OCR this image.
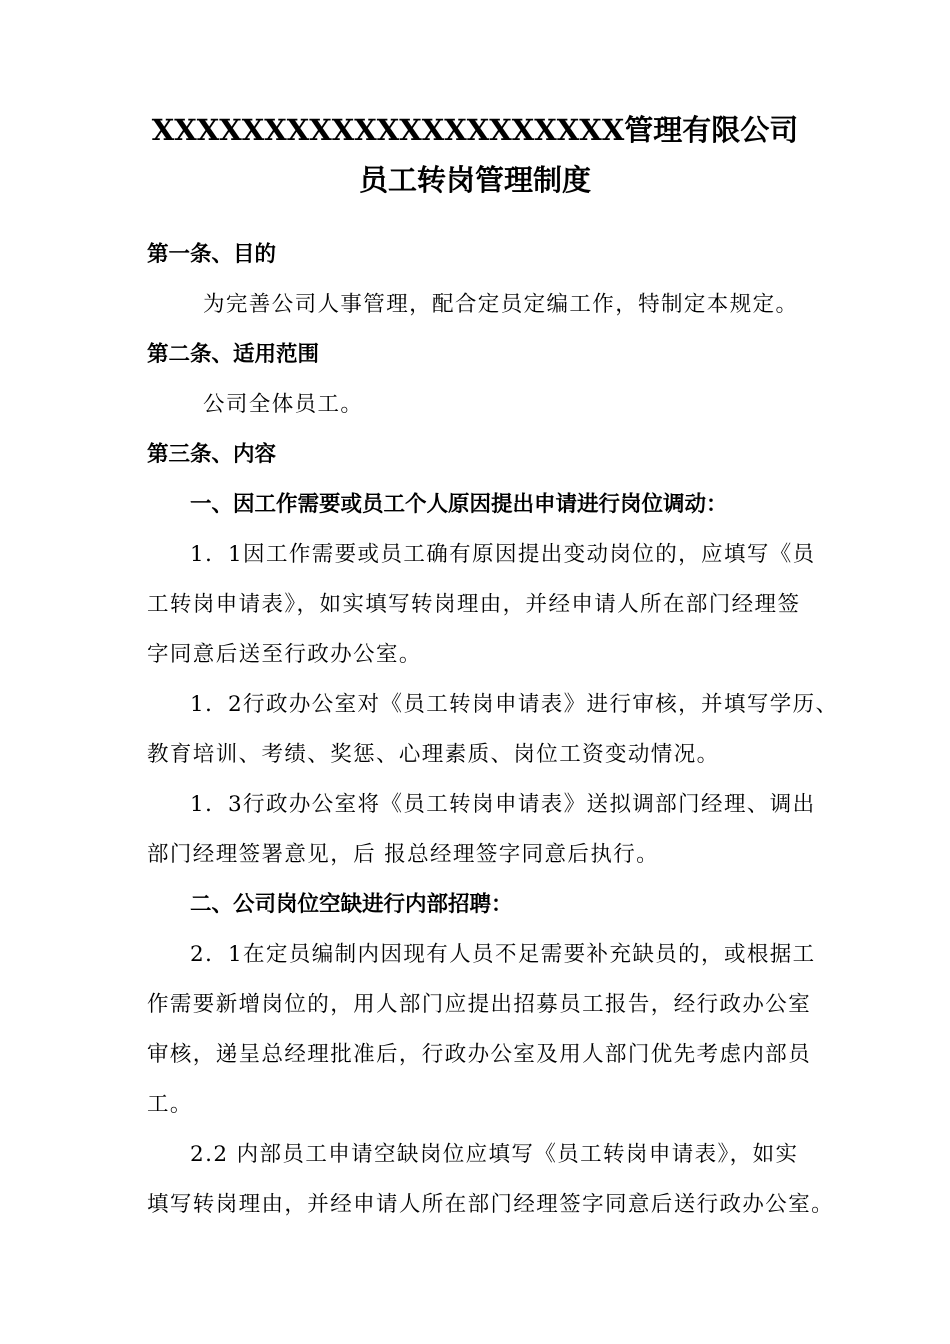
XXXXXXXXXXXXXXXXXXXXX管理有限公司
员工转岗管理制度
第一条、目的
为完善公司人事管理，配合定员定编工作，特制定本规定。
第二条、适用范围
公司全体员工。
第三条、内容
一、因工作需要或员工个人原因提出申请进行岗位调动：
1．1因工作需要或员工确有原因提出变动岗位的，应填写《员
工转岗申请表》，如实填写转岗理由，并经申请人所在部门经理签
字同意后送至行政办公室。
1．2行政办公室对《员工转岗申请表》进行审核，并填写学历、
教育培训、考绩、奖惩、心理素质、岗位工资变动情况。
1．3行政办公室将《员工转岗申请表》送拟调部门经理、调出
部门经理签署意见，后 报总经理签字同意后执行。
二、公司岗位空缺进行内部招聘：
2．1在定员编制内因现有人员不足需要补充缺员的，或根据工
作需要新增岗位的，用人部门应提出招募员工报告，经行政办公室
审核，递呈总经理批准后，行政办公室及用人部门优先考虑内部员
工。
2.2 内部员工申请空缺岗位应填写《员工转岗申请表》，如实
填写转岗理由，并经申请人所在部门经理签字同意后送行政办公室。
